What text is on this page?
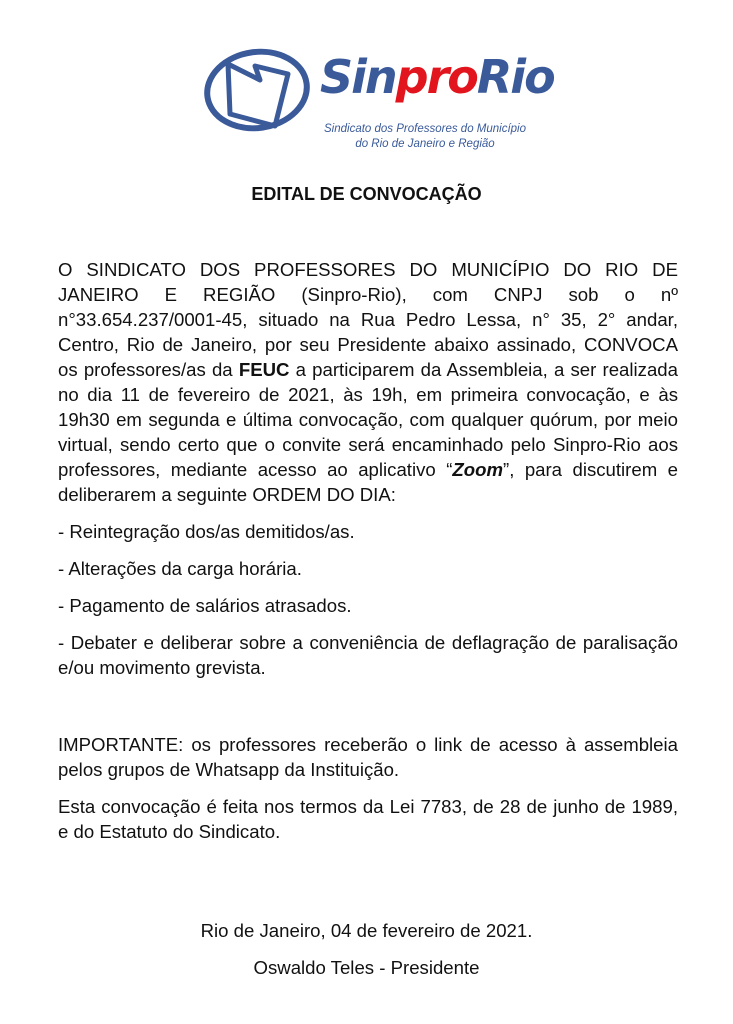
SinproRio
Sindicato dos Professores do Município
do Rio de Janeiro e Região
EDITAL DE CONVOCAÇÃO

O SINDICATO DOS PROFESSORES DO MUNICÍPIO DO RIO DE JANEIRO E REGIÃO (Sinpro-Rio), com CNPJ sob o nº n°33.654.237/0001-45, situado na Rua Pedro Lessa, n° 35, 2° andar, Centro, Rio de Janeiro, por seu Presidente abaixo assinado, CONVOCA os professores/as da FEUC a participarem da Assembleia, a ser realizada no dia 11 de fevereiro de 2021, às 19h, em primeira convocação, e às 19h30 em segunda e última convocação, com qualquer quórum, por meio virtual, sendo certo que o convite será encaminhado pelo Sinpro-Rio aos professores, mediante acesso ao aplicativo “Zoom”, para discutirem e deliberarem a seguinte ORDEM DO DIA:

- Reintegração dos/as demitidos/as.

- Alterações da carga horária.

- Pagamento de salários atrasados.

- Debater e deliberar sobre a conveniência de deflagração de paralisação e/ou movimento grevista.

IMPORTANTE: os professores receberão o link de acesso à assembleia pelos grupos de Whatsapp da Instituição.

Esta convocação é feita nos termos da Lei 7783, de 28 de junho de 1989, e do Estatuto do Sindicato.

Rio de Janeiro, 04 de fevereiro de 2021.
Oswaldo Teles - Presidente
